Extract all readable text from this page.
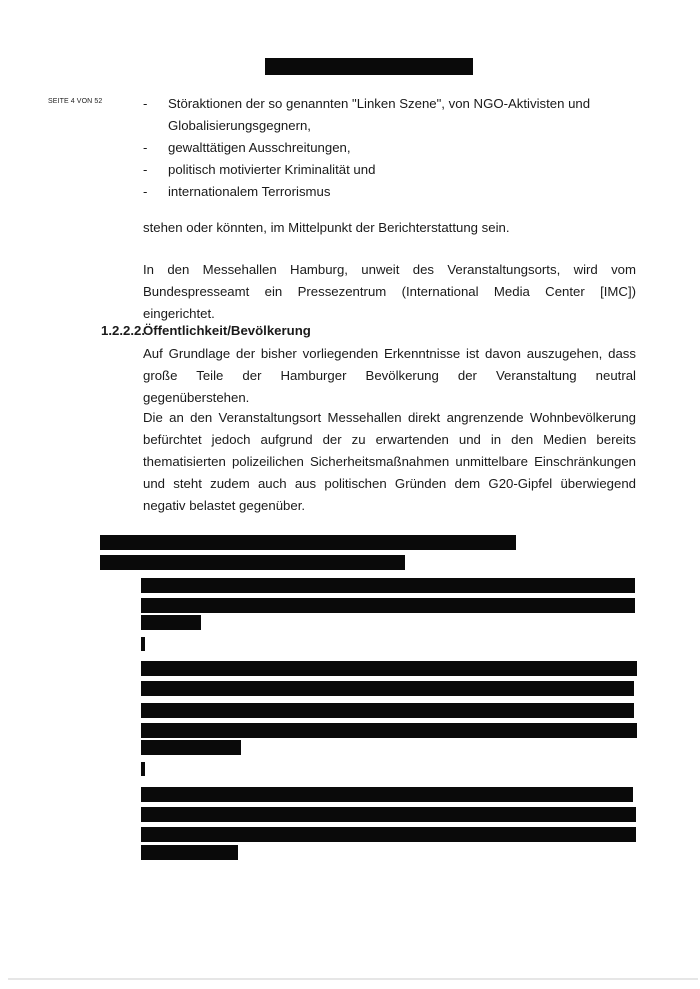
SEITE 4 VON 52	- Störaktionen der so genannten "Linken Szene", von NGO-Aktivisten und Globalisierungsgegnern,
- gewalttätigen Ausschreitungen,
- politisch motivierter Kriminalität und
- internationalem Terrorismus

stehen oder könnten, im Mittelpunkt der Berichterstattung sein.

In den Messehallen Hamburg, unweit des Veranstaltungsorts, wird vom Bundespresseamt ein Pressezentrum (International Media Center [IMC]) eingerichtet.

1.2.2.2.Öffentlichkeit/Bevölkerung

Auf Grundlage der bisher vorliegenden Erkenntnisse ist davon auszugehen, dass große Teile der Hamburger Bevölkerung der Veranstaltung neutral gegenüberstehen.

Die an den Veranstaltungsort Messehallen direkt angrenzende Wohnbevölkerung befürchtet jedoch aufgrund der zu erwartenden und in den Medien bereits thematisierten polizeilichen Sicherheitsmaßnahmen unmittelbare Einschränkungen und steht zudem auch aus politischen Gründen dem G20-Gipfel überwiegend negativ belastet gegenüber.
